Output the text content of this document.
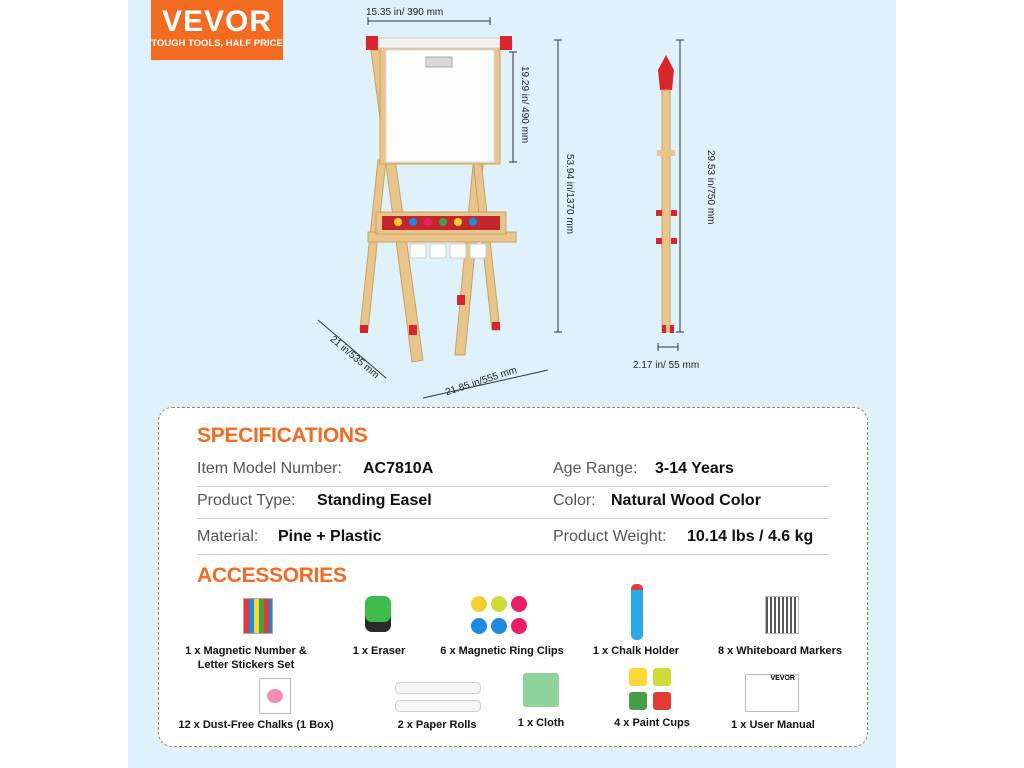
VEVOR
TOUGH TOOLS, HALF PRICE
15.35 in/ 390 mm
19.29 in/ 490 mm
53.94 in/1370 mm
21 in/535 mm
21.85 in/555 mm
29.53 in/750 mm
2.17 in/ 55 mm
SPECIFICATIONS
Item Model Number: AC7810A	Age Range: 3-14 Years
Product Type: Standing Easel	Color: Natural Wood Color
Material: Pine + Plastic	Product Weight: 10.14 lbs / 4.6 kg
ACCESSORIES
1 x Magnetic Number & Letter Stickers Set
1 x Eraser	6 x Magnetic Ring Clips	1 x Chalk Holder	8 x Whiteboard Markers
VEVOR
12 x Dust-Free Chalks (1 Box)	2 x Paper Rolls	1 x Cloth	4 x Paint Cups	1 x User Manual
